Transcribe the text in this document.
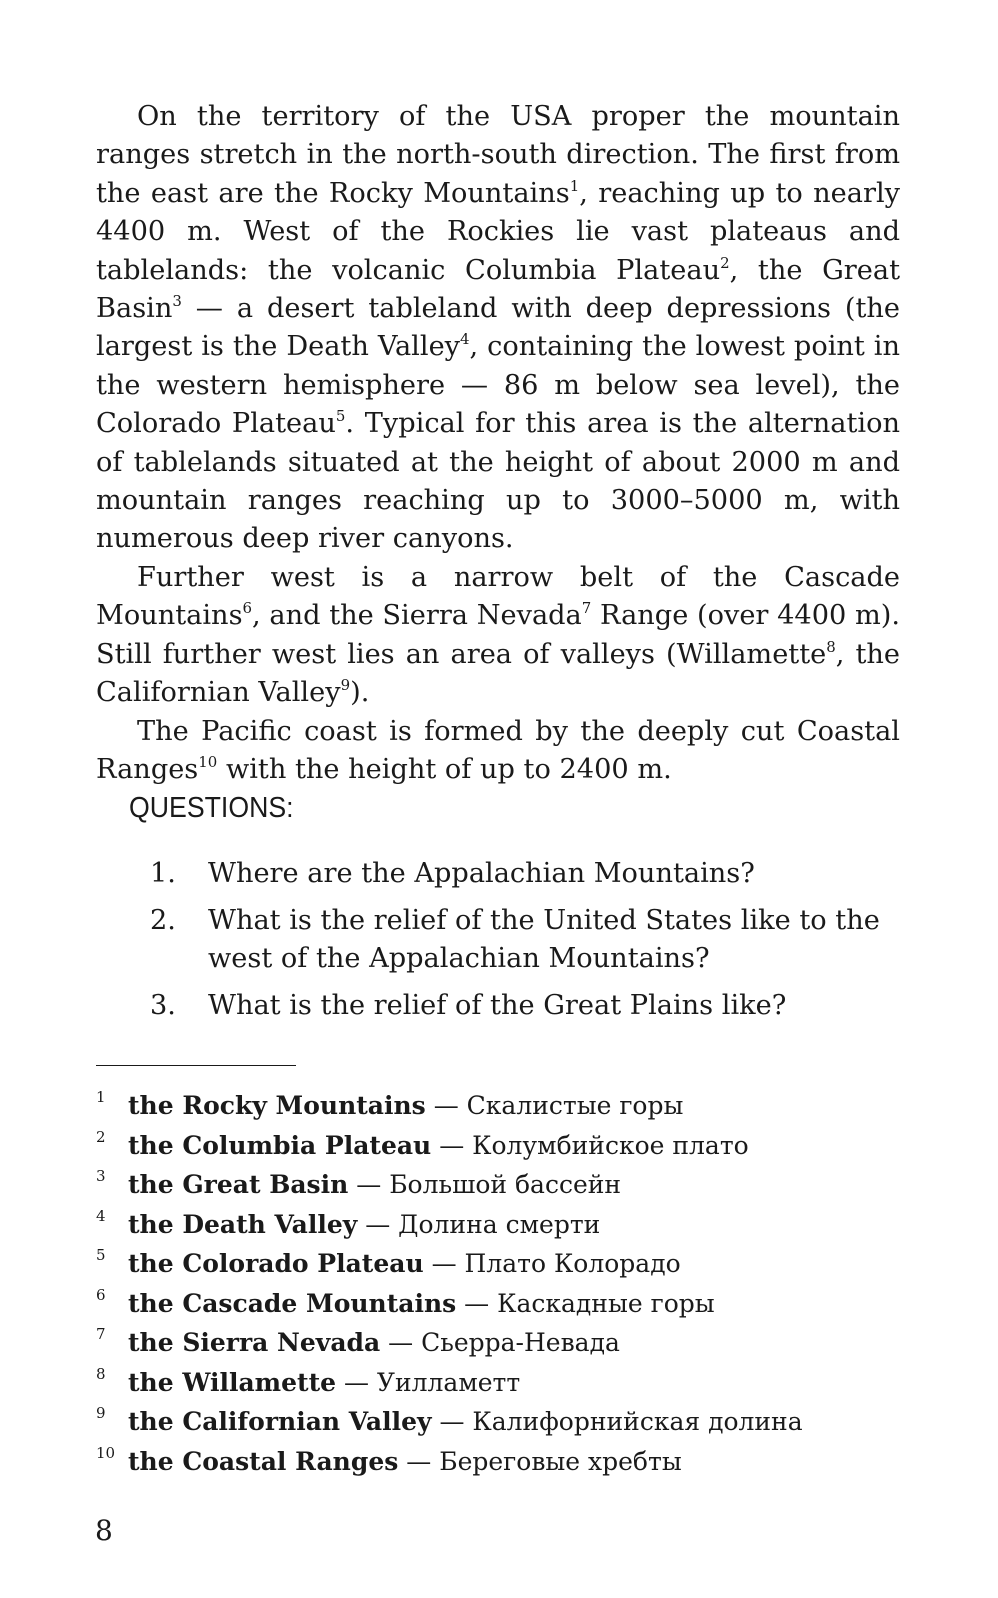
On the territory of the USA proper the mountain ranges stretch in the north-south direction. The first from the east are the Rocky Mountains$^1$, reaching up to nearly 4400 m. West of the Rockies lie vast plateaus and tablelands: the volcanic Columbia Plateau$^2$, the Great Basin$^3$ — a desert tableland with deep depressions (the largest is the Death Valley$^4$, containing the lowest point in the western hemisphere — 86 m below sea level), the Colorado Plateau$^5$. Typical for this area is the alternation of tablelands situated at the height of about 2000 m and mountain ranges reaching up to 3000–5000 m, with numerous deep river canyons.

Further west is a narrow belt of the Cascade Mountains$^6$, and the Sierra Nevada$^7$ Range (over 4400 m). Still further west lies an area of valleys (Willamette$^8$, the Californian Valley$^9$).

The Pacific coast is formed by the deeply cut Coastal Ranges$^{10}$ with the height of up to 2400 m.

QUESTIONS:
1.	Where are the Appalachian Mountains?
2.	What is the relief of the United States like to the west of the Appalachian Mountains?
3.	What is the relief of the Great Plains like?
1 the Rocky Mountains — Скалистые горы
2 the Columbia Plateau — Колумбийское плато
3 the Great Basin — Большой бассейн
4 the Death Valley — Долина смерти
5 the Colorado Plateau — Плато Колорадо
6 the Cascade Mountains — Каскадные горы
7 the Sierra Nevada — Сьерра-Невада
8 the Willamette — Уилламетт
9 the Californian Valley — Калифорнийская долина
10 the Coastal Ranges — Береговые хребты
8
